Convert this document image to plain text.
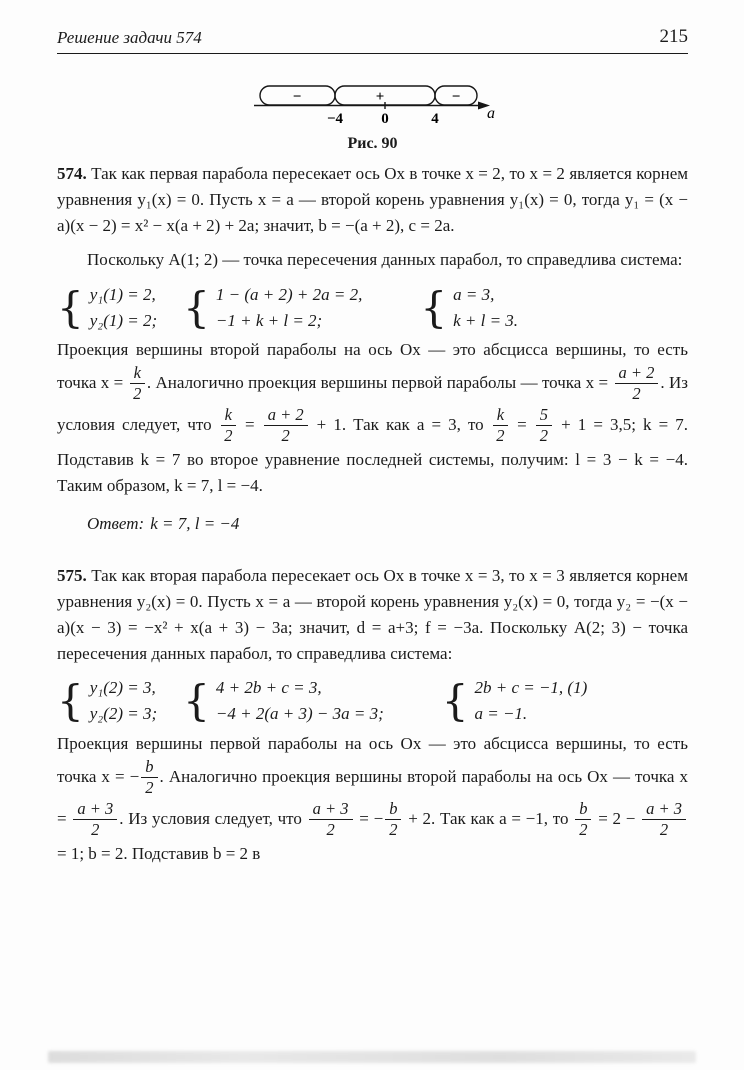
Решение задачи 574	215
−	+	−
−4	0	4	a
Рис. 90

574. Так как первая парабола пересекает ось Ox в точке x = 2, то x = 2 является корнем уравнения y₁(x) = 0. Пусть x = a — второй корень уравнения y₁(x) = 0, тогда y₁ = (x − a)(x − 2) = x² − x(a + 2) + 2a; значит, b = −(a + 2), c = 2a.

Поскольку A(1; 2) — точка пересечения данных парабол, то справедлива система:

{
y₁(1) = 2,
y₂(1) = 2;
{
1 − (a + 2) + 2a = 2,
−1 + k + l = 2;
{
a = 3,
k + l = 3.

Проекция вершины второй параболы на ось Ox — это абсцисса вершины, то есть точка $x = \frac{k}{2}$ . Аналогично проекция вершины первой параболы — точка $x = \frac{a + 2}{2}$ . Из условия следует, что $\frac{k}{2} = \frac{a + 2}{2} + 1$. Так как a = 3, то $\frac{k}{2} = \frac{5}{2} + 1 = 3,5$; k = 7. Подставив k = 7 во второе уравнение последней системы, получим: l = 3 − k = −4. Таким образом, k = 7, l = −4.

Ответ: k = 7, l = −4

575. Так как вторая парабола пересекает ось Ox в точке x = 3, то x = 3 является корнем уравнения y₂(x) = 0. Пусть x = a — второй корень уравнения y₂(x) = 0, тогда y₂ = −(x − a)(x − 3) = −x² + x(a + 3) − 3a; значит, d = a+3; f = −3a. Поскольку A(2; 3) − точка пересечения данных парабол, то справедлива система:

{
y₁(2) = 3,
y₂(2) = 3;
{
4 + 2b + c = 3,
−4 + 2(a + 3) − 3a = 3;
{
2b + c = −1, (1)
a = −1.

Проекция вершины первой параболы на ось Ox — это абсцисса вершины, то есть точка x = − $\frac{b}{2}$ . Аналогично проекция вершины второй параболы на ось Ox — точка $x = \frac{a + 3}{2}$ . Из условия следует, что $\frac{a + 3}{2}$ = − $\frac{b}{2} + 2$. Так как a = −1, то $\frac{b}{2} = 2 - \frac{a + 3}{2}$
= 1; b = 2. Подставив b = 2 в
